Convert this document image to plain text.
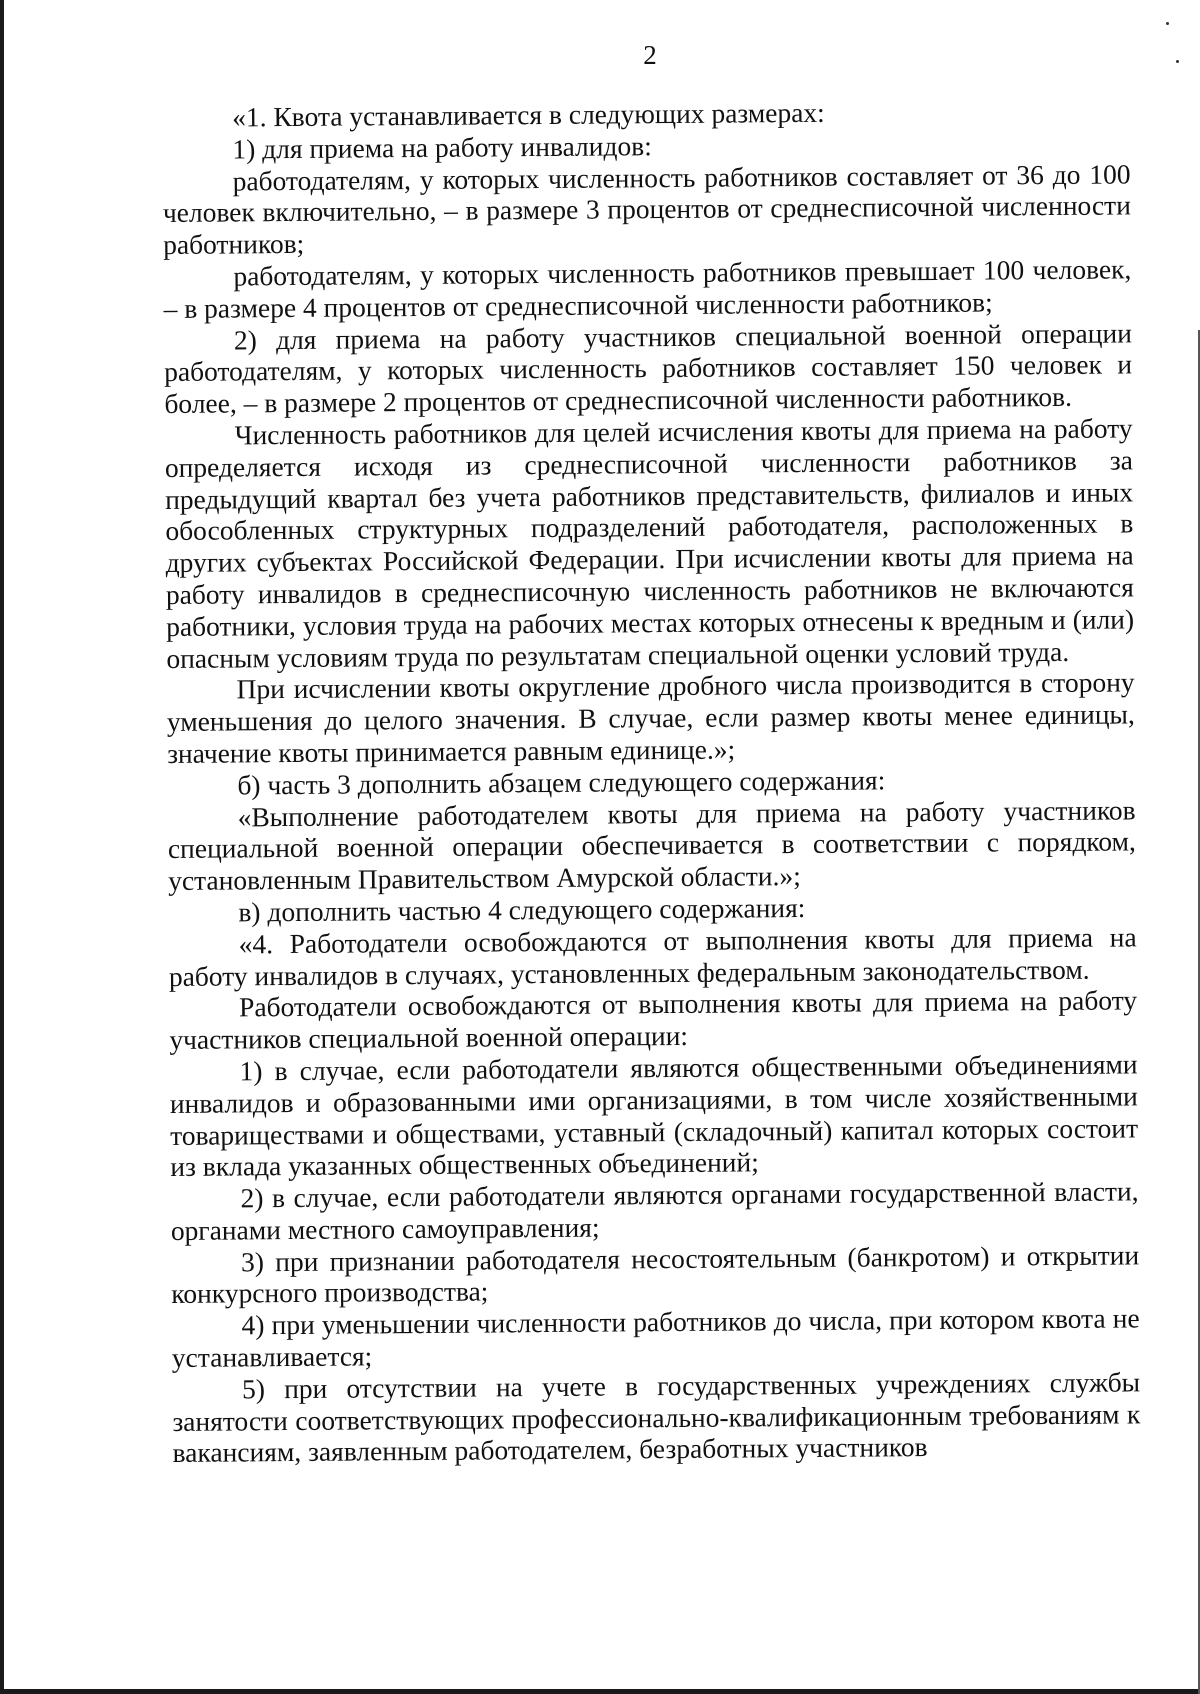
2

«1. Квота устанавливается в следующих размерах:

1) для приема на работу инвалидов:

работодателям, у которых численность работников составляет от 36 до 100 человек включительно, – в размере 3 процентов от среднесписочной численности работников;

работодателям, у которых численность работников превышает 100 человек, – в размере 4 процентов от среднесписочной численности работников;

2) для приема на работу участников специальной военной операции работодателям, у которых численность работников составляет 150 человек и более, – в размере 2 процентов от среднесписочной численности работников.

Численность работников для целей исчисления квоты для приема на работу определяется исходя из среднесписочной численности работников за предыдущий квартал без учета работников представительств, филиалов и иных обособленных структурных подразделений работодателя, расположенных в других субъектах Российской Федерации. При исчислении квоты для приема на работу инвалидов в среднесписочную численность работников не включаются работники, условия труда на рабочих местах которых отнесены к вредным и (или) опасным условиям труда по результатам специальной оценки условий труда.

При исчислении квоты округление дробного числа производится в сторону уменьшения до целого значения. В случае, если размер квоты менее единицы, значение квоты принимается равным единице.»;

б) часть 3 дополнить абзацем следующего содержания:

«Выполнение работодателем квоты для приема на работу участников специальной военной операции обеспечивается в соответствии с порядком, установленным Правительством Амурской области.»;

в) дополнить частью 4 следующего содержания:

«4. Работодатели освобождаются от выполнения квоты для приема на работу инвалидов в случаях, установленных федеральным законодательством.

Работодатели освобождаются от выполнения квоты для приема на работу участников специальной военной операции:

1) в случае, если работодатели являются общественными объединениями инвалидов и образованными ими организациями, в том числе хозяйственными товариществами и обществами, уставный (складочный) капитал которых состоит из вклада указанных общественных объединений;

2) в случае, если работодатели являются органами государственной власти, органами местного самоуправления;

3) при признании работодателя несостоятельным (банкротом) и открытии конкурсного производства;

4) при уменьшении численности работников до числа, при котором квота не устанавливается;

5) при отсутствии на учете в государственных учреждениях службы занятости соответствующих профессионально-квалификационным требованиям к вакансиям, заявленным работодателем, безработных участников
